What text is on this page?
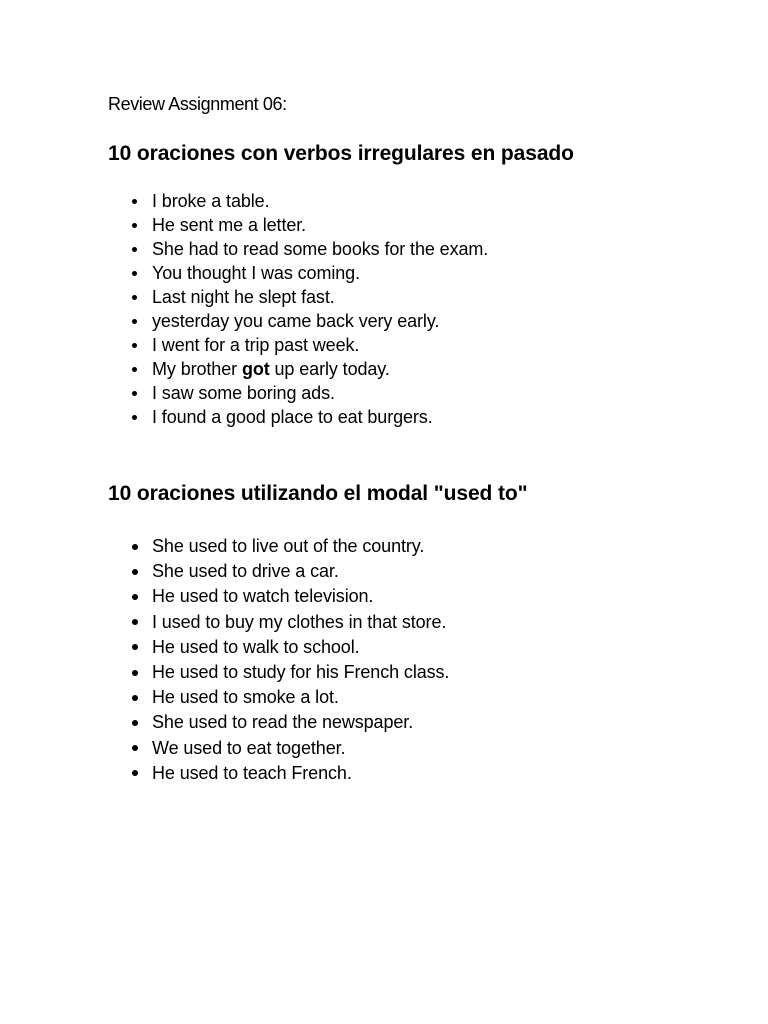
Review Assignment 06:
10 oraciones con verbos irregulares en pasado
I broke a table.
He sent me a letter.
She had to read some books for the exam.
You thought I was coming.
Last night he slept fast.
yesterday you came back very early.
I went for a trip past week.
My brother got up early today.
I saw some boring ads.
I found a good place to eat burgers.
10 oraciones utilizando el modal "used to"
She used to live out of the country.
She used to drive a car.
He used to watch television.
I used to buy my clothes in that store.
He used to walk to school.
He used to study for his French class.
He used to smoke a lot.
She used to read the newspaper.
We used to eat together.
He used to teach French.
